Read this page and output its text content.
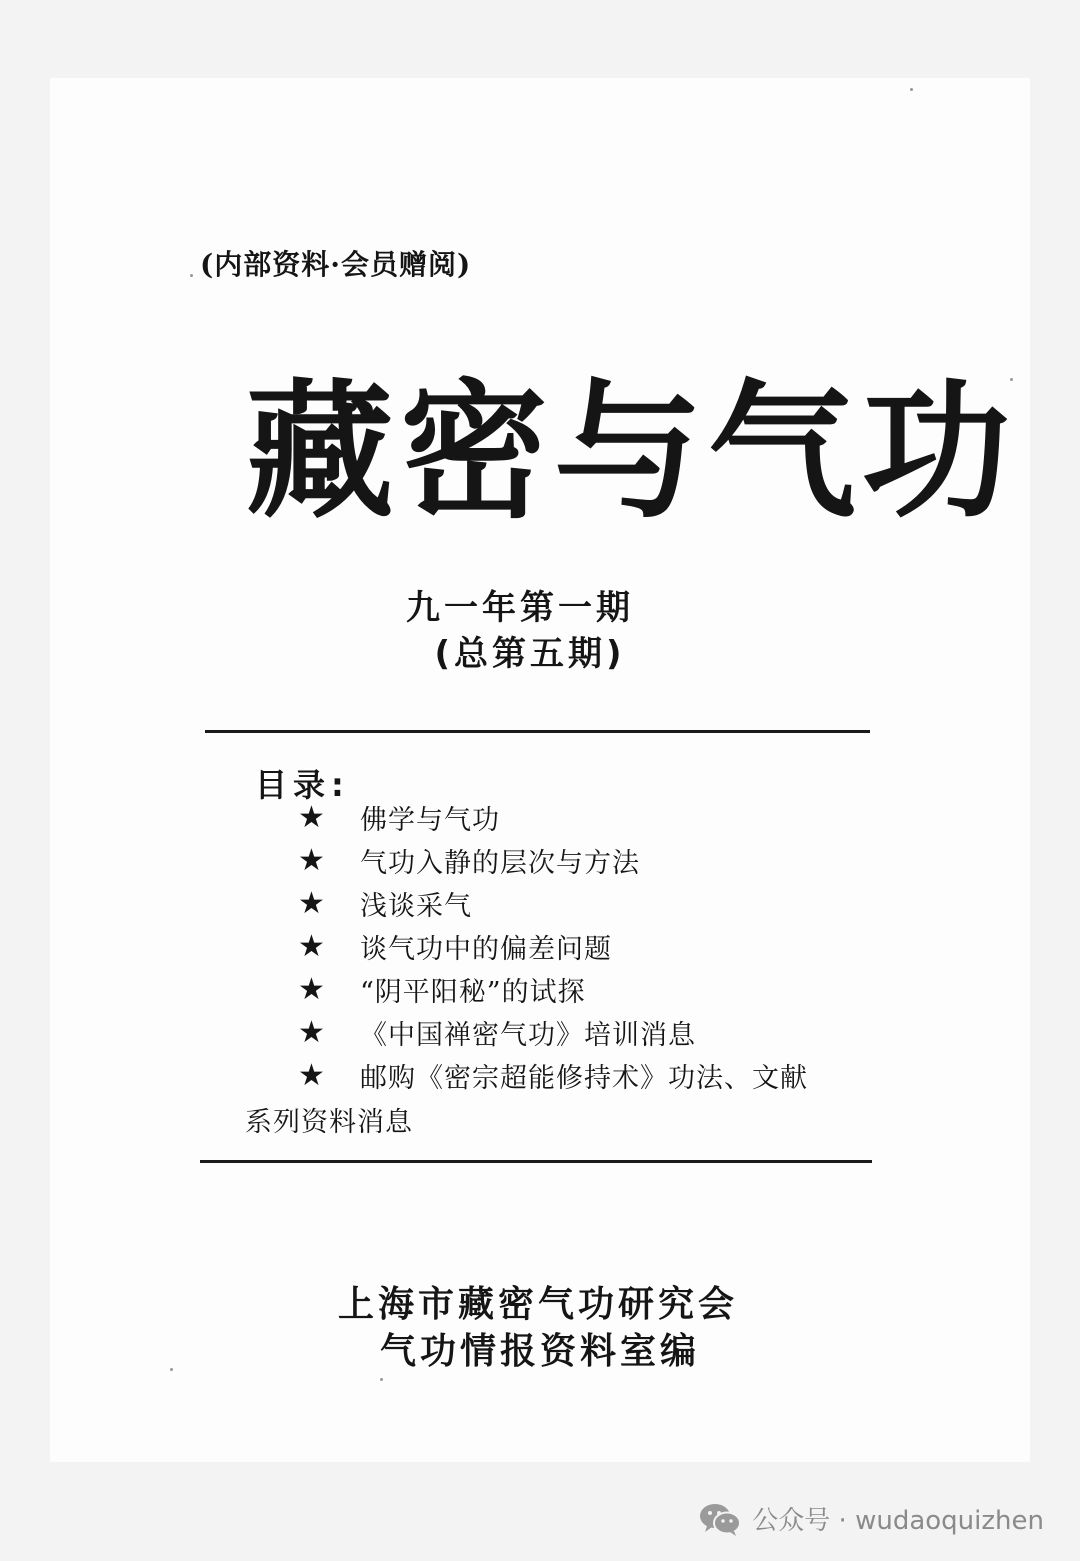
(内部资料·会员赠阅)
藏密与气功
九一年第一期
(总第五期)
目录:
★	佛学与气功
★	气功入静的层次与方法
★	浅谈采气
★	谈气功中的偏差问题
★	“阴平阳秘”的试探
★	《中国禅密气功》培训消息
★	邮购《密宗超能修持术》功法、文献
系列资料消息
上海市藏密气功研究会
气功情报资料室编
公众号 · wudaoquizhen
